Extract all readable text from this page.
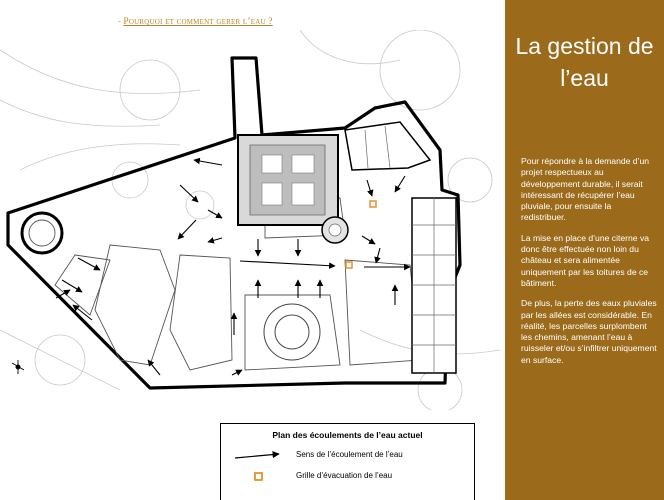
- Pourquoi et comment gerer l’eau ?
Plan des écoulements de l’eau actuel
Sens de l’écoulement de l’eau
Grille d’évacuation de l’eau
La gestion de
l’eau

Pour répondre à la demande d’un projet respectueux au développement durable, il serait intéressant de récupérer l’eau pluviale, pour ensuite la redistribuer.

La mise en place d’une citerne va donc être effectuée non loin du château et sera alimentée uniquement par les toitures de ce bâtiment.

De plus, la perte des eaux pluviales par les allées est considérable. En réalité, les parcelles surplombent les chemins, amenant l’eau à ruisseler et/ou s’infiltrer uniquement en surface.
